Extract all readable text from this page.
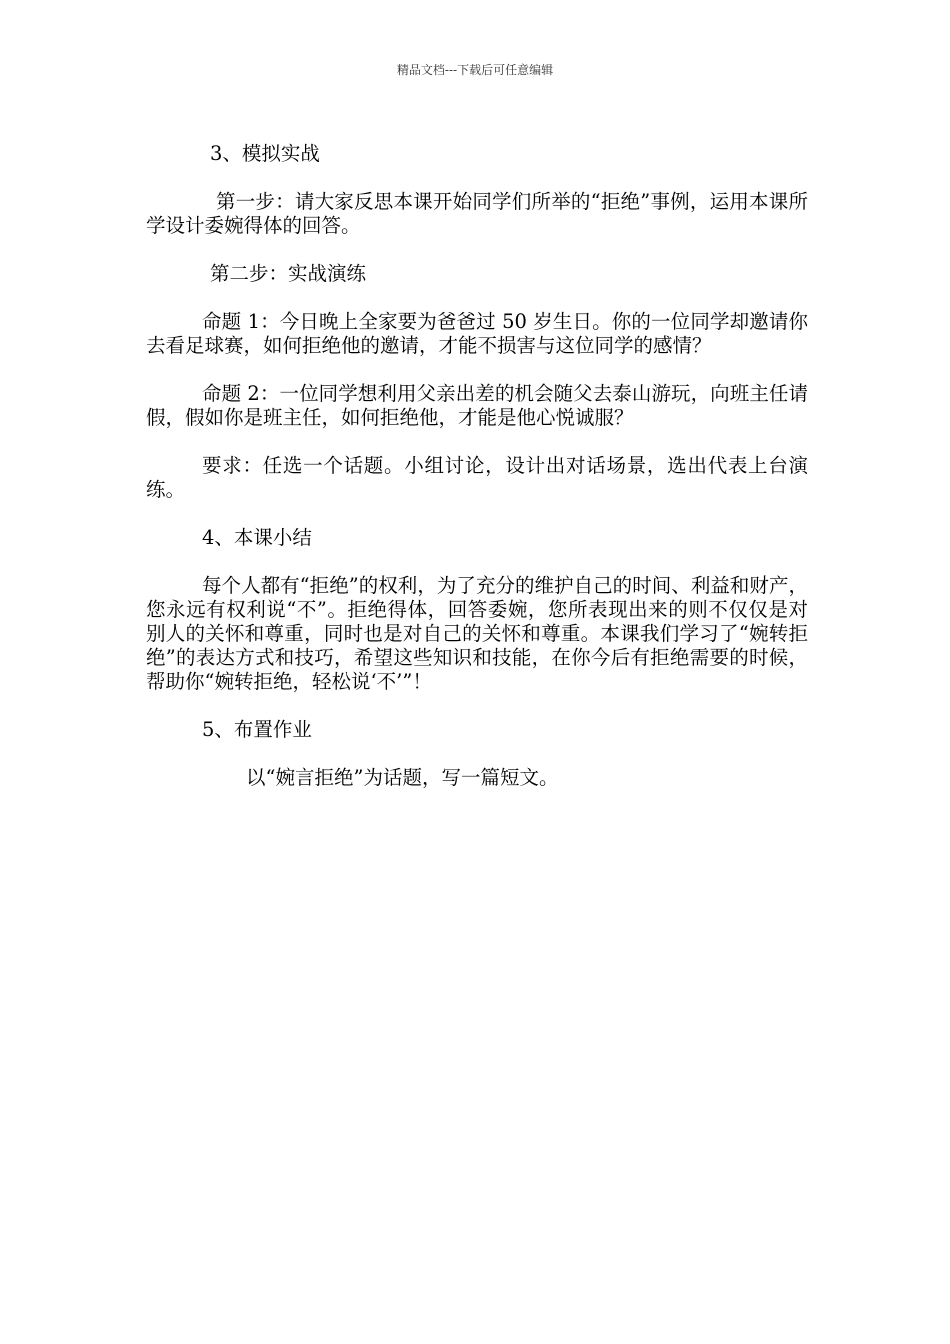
精品文档---下载后可任意编辑

3、模拟实战

第一步：请大家反思本课开始同学们所举的“拒绝”事例，运用本课所学设计委婉得体的回答。

第二步：实战演练

命题 1：今日晚上全家要为爸爸过 50 岁生日。你的一位同学却邀请你去看足球赛，如何拒绝他的邀请，才能不损害与这位同学的感情？

命题 2：一位同学想利用父亲出差的机会随父去泰山游玩，向班主任请假，假如你是班主任，如何拒绝他，才能是他心悦诚服？

要求：任选一个话题。小组讨论，设计出对话场景，选出代表上台演练。

4、本课小结

每个人都有“拒绝”的权利，为了充分的维护自己的时间、利益和财产，您永远有权利说“不”。拒绝得体，回答委婉，您所表现出来的则不仅仅是对别人的关怀和尊重，同时也是对自己的关怀和尊重。本课我们学习了“婉转拒绝”的表达方式和技巧，希望这些知识和技能，在你今后有拒绝需要的时候，帮助你“婉转拒绝，轻松说‘不’”！

5、布置作业

以“婉言拒绝”为话题，写一篇短文。
